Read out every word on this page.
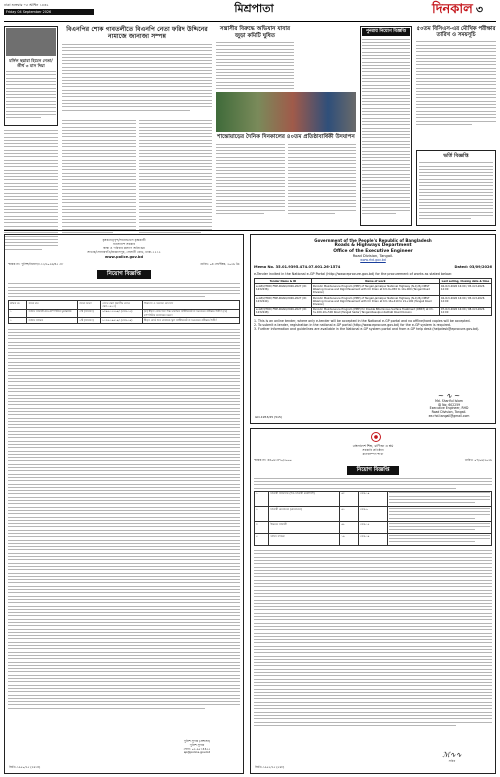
ঢাকা শুক্রবার ০৫ আশ্বিন ১৪৩২
Friday 04 September 2026	মিশ্রপাতা	দিনকাল ৩
মৰ্সিল ছয়ারা হিমেন নেতা/তীর্থ ৩ মাস দিয়া
বিএনপির শোক গাবতলীতে বিএনপি নেতা ফরিদ উদ্দিনের নামাজে জানাজা সম্পন্ন
সন্ত্রাসীর বিরুদ্ধে অভিযান যাবার জুড়া কমিটি ঘুষিত
শান্তোয়াড়ের দৈনিক দিনকালের ৪০তম প্রতিষ্ঠাবার্ষিকী উদযাপন
পুনরায় নিয়োগ বিজ্ঞপ্তি	৫০তম বিসিএস-এর মৌখিক পরীক্ষার তারিখ ও সময়সূচি
ভর্তি বিজ্ঞপ্তি
কৃষকনেতৃবৃন্দ/সারোভালে কৃষ্ণকায়ী
বাংলাদেশ সরকার
স্বাস্থ্য ও পরিবার কল্যাণ অধিদপ্তর
সাভার/সোনারগাঁও/জামালপুর, সেলানী রোড, ঢাকা-১২১২
www.police.gov.bd
স্মারক নং: পুলিশ/নিয়োগ/১১৩/২০২৬/৪৫ ৩৮	তারিখ: ০৪ সেপ্টেম্বর, ২০২৬ খ্রি:
নিয়োগ বিজ্ঞপ্তি
ক্রমিক নং	পদের নাম	পদের সংখ্যা	বেতন স্কেল (জাতীয় বেতন স্কেল-২০১৫)	শিক্ষাগত ও অন্যান্য যোগ্যতা
১	অফিস সহকারী-কাম-কম্পিউটার মুদ্রাক্ষরিক	৫টি (সাধারণ)	৯৩০০-২২৪৯০/- (গ্রেড-১৬)	(ক) স্বীকৃত বোর্ড হতে উচ্চ মাধ্যমিক সার্টিফিকেট বা সমমানের পরীক্ষায় উত্তীর্ণ; (খ) কম্পিউটার ব্যবহারের দক্ষতা
২	অফিস সহায়ক	২টি (সাধারণ)	৮২৫০-২০০১০/- (গ্রেড-২০)	স্বীকৃত বোর্ড হতে মাধ্যমিক স্কুল সার্টিফিকেট বা সমমানের পরীক্ষায় উত্তীর্ণ
পুলিশ সুপার (প্রশাসন)
পুলিশ সুপার
ফোন: ০২-৯৫১৪৪৫৫
sp@police.gov.bd
জিডি-১৯৫০/২৫ (২x১৪)
Government of the People's Republic of Bangladesh
Roads & Highways Department
Office of the Executive Engineer
Road Division, Tangail.
www.rhd.gov.bd
Memo No. 35.01.9395.474.07.001.26-1574	Dated: 03/09/2026
e-Tender invited in the National e-GP Portal (http://www.eprocure.gov.bd) for the procurement of works as stated below:
Tender Name & ID	Name of work	Last selling, Closing date & time
e-GP/2/TRD/ FMP-ROAD/2026-2027 (ID: 1232236)	Periodic Maintenance Program (PMP) of Tangail-Jamalpur National Highway (N-4) By DBST Wearing Course and Rigid Pavement with CC Drain at Km 6+050 to 10+000 (Tangail Road Division)	04-Oct-2026 16:00 / 05-Oct-2026 12:00
e-GP/2/TRD/ FMP-ROAD/2026-2027 (ID: 1232244)	Periodic Maintenance Program (PMP) of Tangail-Jamalpur National Highway (N-4) By DBST Wearing Course and Rigid Pavement with CC Drain at Km 16+410 to 21+100 (Tangail Road Division)	04-Oct-2026 16:00 / 05-Oct-2026 12:00
e-GP/3/TRD/ FMP-ROAD/2026-2027 (ID: 1232248)	Periodic Maintenance Program (PMP) for Double Bituminous Surface Treatment (DBST) at Ch. 3+100-10+500 Road (Tangail Sadar) Tangail-Rasulpur-Kalihati Road Division	07-Oct-2026 16:00 / 08-Oct-2026 12:00
1. This is an online tender, where only e-tender will be accepted in the National e-GP portal and no offline/hard copies will be accepted.
2. To submit e-tender, registration in the national e-GP portal (http://www.eprocure.gov.bd) for the e-GP system is required.
3. Further information and guidelines are available in the National e-GP system portal and from e-GP help desk (helpdesk@eprocure.gov.bd).
~ ∿ ~
Md. Shariful Islam
ID No: 602259
Executive Engineer, RHD
Road Division, Tangail.
ee.rhd.tangail@gmail.com
GD-1953/25 (5x5)
বাংলাদেশ শিল্প, বাণিজ্য ও শ্রম
সরকারি প্রতিষ্ঠান
মানবসম্পদ শাখা
স্মারক নং: ৪৪০৬১৪৭০/২০০০	তারিখ: ০৭/০৯/২০২৬
নিয়োগ বিজ্ঞপ্তি
১	সহকারী পরিচালক (উপ-সহকারী প্রকৌশলী)	০৫	গ্রেড-১০	

২	সহকারী প্রোগ্রামার (প্রোগ্রামার)	০২	গ্রেড-৯	

৩	উচ্চমান সহকারী	০৮	গ্রেড-১৪	

৪	অফিস সহায়ক	১০	গ্রেড-২০	
ℳ∿∿
সচিব
জিডি-১৯৫৫/২৫ (৫x৮)
